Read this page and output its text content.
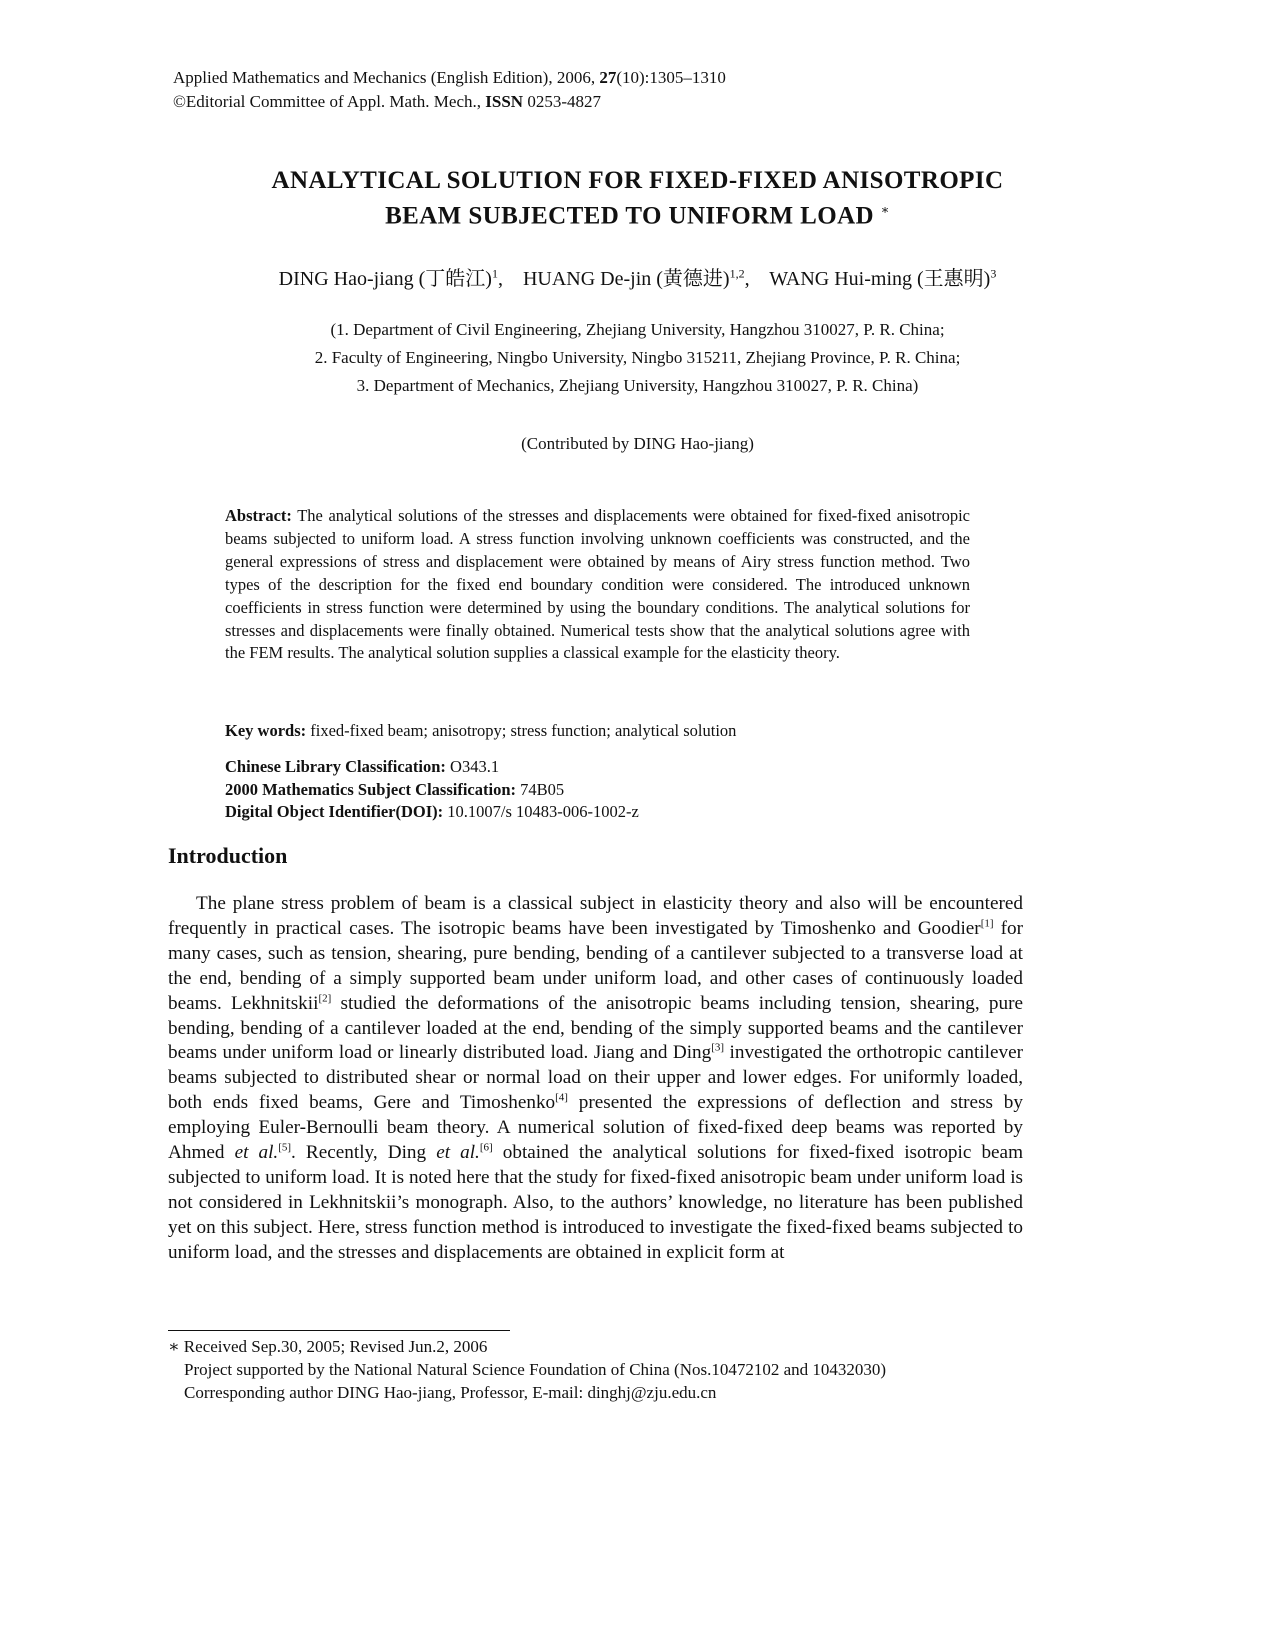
Applied Mathematics and Mechanics (English Edition), 2006, 27(10):1305–1310
©Editorial Committee of Appl. Math. Mech., ISSN 0253-4827
ANALYTICAL SOLUTION FOR FIXED-FIXED ANISOTROPIC
BEAM SUBJECTED TO UNIFORM LOAD ∗
DING Hao-jiang (丁皓江)$^1$,    HUANG De-jin (黄德进)$^{1,2}$,    WANG Hui-ming (王惠明)$^3$
(1. Department of Civil Engineering, Zhejiang University, Hangzhou 310027, P. R. China;
2. Faculty of Engineering, Ningbo University, Ningbo 315211, Zhejiang Province, P. R. China;
3. Department of Mechanics, Zhejiang University, Hangzhou 310027, P. R. China)
(Contributed by DING Hao-jiang)
Abstract: The analytical solutions of the stresses and displacements were obtained for fixed-fixed anisotropic beams subjected to uniform load. A stress function involving unknown coefficients was constructed, and the general expressions of stress and displacement were obtained by means of Airy stress function method. Two types of the description for the fixed end boundary condition were considered. The introduced unknown coefficients in stress function were determined by using the boundary conditions. The analytical solutions for stresses and displacements were finally obtained. Numerical tests show that the analytical solutions agree with the FEM results. The analytical solution supplies a classical example for the elasticity theory.
Key words: fixed-fixed beam; anisotropy; stress function; analytical solution
Chinese Library Classification: O343.1
2000 Mathematics Subject Classification: 74B05
Digital Object Identifier(DOI): 10.1007/s 10483-006-1002-z
Introduction
The plane stress problem of beam is a classical subject in elasticity theory and also will be encountered frequently in practical cases. The isotropic beams have been investigated by Timoshenko and Goodier[1] for many cases, such as tension, shearing, pure bending, bending of a cantilever subjected to a transverse load at the end, bending of a simply supported beam under uniform load, and other cases of continuously loaded beams. Lekhnitskii[2] studied the deformations of the anisotropic beams including tension, shearing, pure bending, bending of a cantilever loaded at the end, bending of the simply supported beams and the cantilever beams under uniform load or linearly distributed load. Jiang and Ding[3] investigated the orthotropic cantilever beams subjected to distributed shear or normal load on their upper and lower edges. For uniformly loaded, both ends fixed beams, Gere and Timoshenko[4] presented the expressions of deflection and stress by employing Euler-Bernoulli beam theory. A numerical solution of fixed-fixed deep beams was reported by Ahmed et al.[5]. Recently, Ding et al.[6] obtained the analytical solutions for fixed-fixed isotropic beam subjected to uniform load. It is noted here that the study for fixed-fixed anisotropic beam under uniform load is not considered in Lekhnitskii’s monograph. Also, to the authors’ knowledge, no literature has been published yet on this subject. Here, stress function method is introduced to investigate the fixed-fixed beams subjected to uniform load, and the stresses and displacements are obtained in explicit form at
∗ Received Sep.30, 2005; Revised Jun.2, 2006
Project supported by the National Natural Science Foundation of China (Nos.10472102 and 10432030)
Corresponding author DING Hao-jiang, Professor, E-mail: dinghj@zju.edu.cn
